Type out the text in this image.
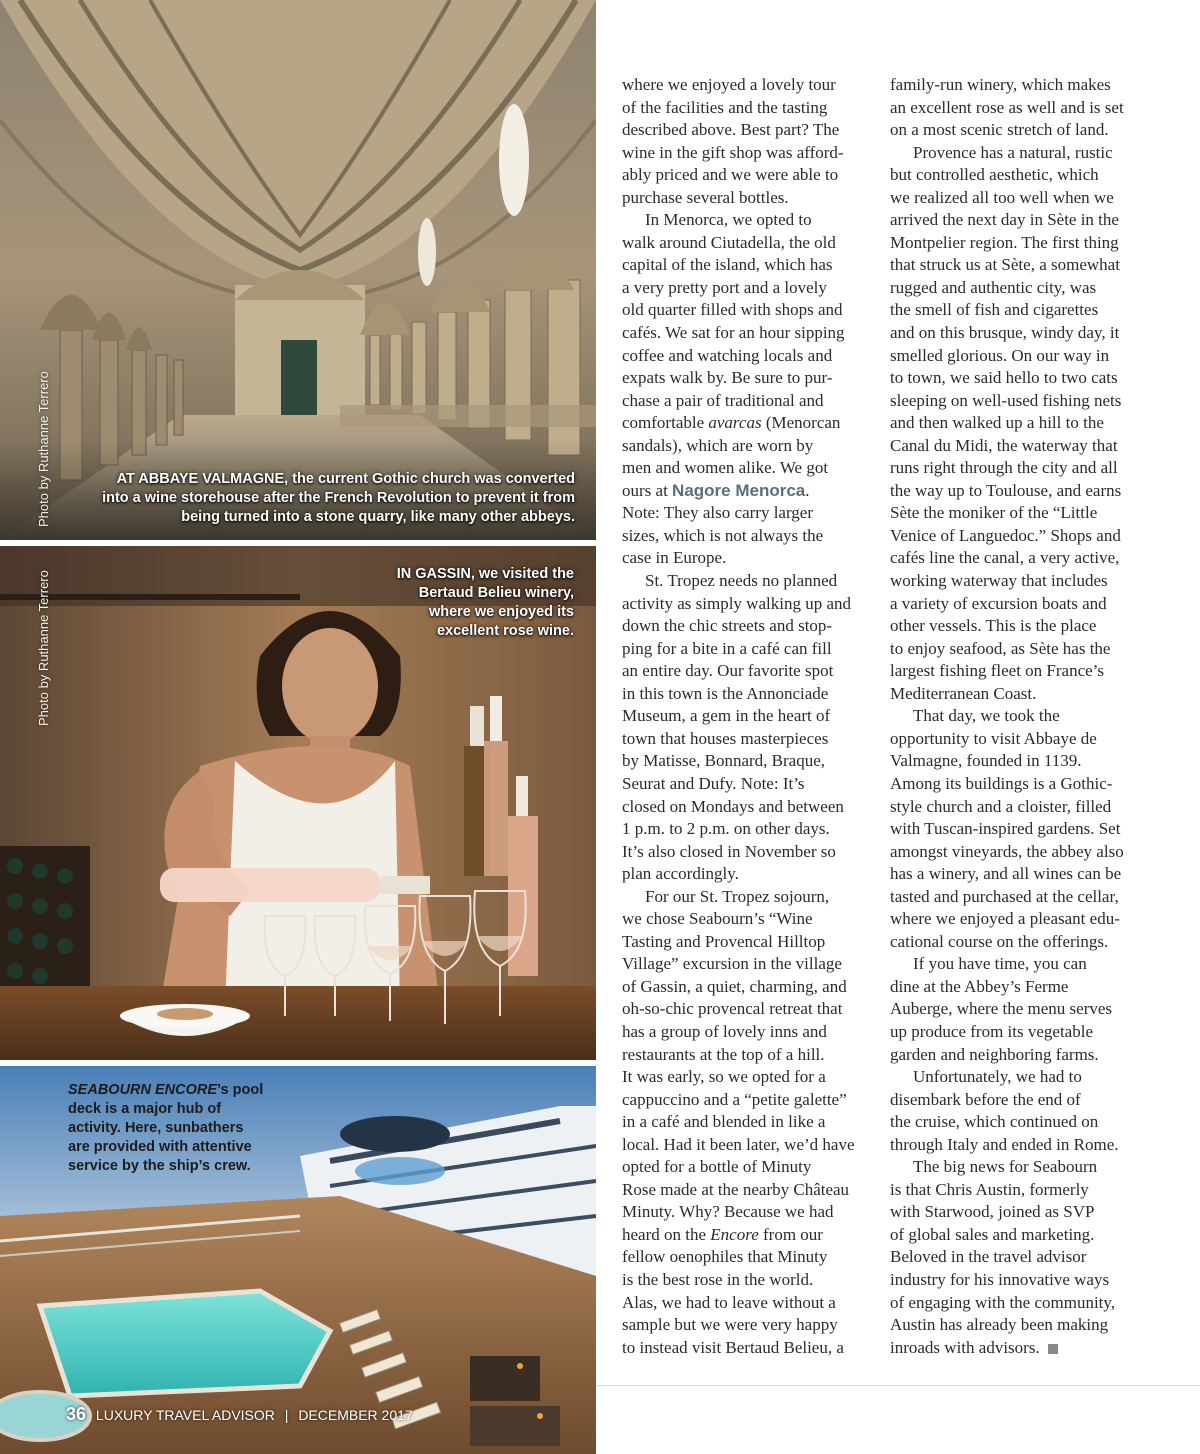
Photo by Ruthanne Terrero	AT ABBAYE VALMAGNE, the current Gothic church was converted into a wine storehouse after the French Revolution to prevent it from being turned into a stone quarry, like many other abbeys.
Photo by Ruthanne Terrero	IN GASSIN, we visited the Bertaud Belieu winery, where we enjoyed its excellent rose wine.
SEABOURN ENCORE’s pool deck is a major hub of activity. Here, sunbathers are provided with attentive service by the ship’s crew.
where we enjoyed a lovely tour
of the facilities and the tasting
described above. Best part? The
wine in the gift shop was afford-
ably priced and we were able to
purchase several bottles.
In Menorca, we opted to
walk around Ciutadella, the old
capital of the island, which has
a very pretty port and a lovely
old quarter filled with shops and
cafés. We sat for an hour sipping
coffee and watching locals and
expats walk by. Be sure to pur-
chase a pair of traditional and
comfortable avarcas (Menorcan
sandals), which are worn by
men and women alike. We got
ours at Nagore Menorca.
Note: They also carry larger
sizes, which is not always the
case in Europe.
St. Tropez needs no planned
activity as simply walking up and
down the chic streets and stop-
ping for a bite in a café can fill
an entire day. Our favorite spot
in this town is the Annonciade
Museum, a gem in the heart of
town that houses masterpieces
by Matisse, Bonnard, Braque,
Seurat and Dufy. Note: It’s
closed on Mondays and between
1 p.m. to 2 p.m. on other days.
It’s also closed in November so
plan accordingly.
For our St. Tropez sojourn,
we chose Seabourn’s “Wine
Tasting and Provencal Hilltop
Village” excursion in the village
of Gassin, a quiet, charming, and
oh-so-chic provencal retreat that
has a group of lovely inns and
restaurants at the top of a hill.
It was early, so we opted for a
cappuccino and a “petite galette”
in a café and blended in like a
local. Had it been later, we’d have
opted for a bottle of Minuty
Rose made at the nearby Château
Minuty. Why? Because we had
heard on the Encore from our
fellow oenophiles that Minuty
is the best rose in the world.
Alas, we had to leave without a
sample but we were very happy
to instead visit Bertaud Belieu, a
family-run winery, which makes
an excellent rose as well and is set
on a most scenic stretch of land.
Provence has a natural, rustic
but controlled aesthetic, which
we realized all too well when we
arrived the next day in Sète in the
Montpelier region. The first thing
that struck us at Sète, a somewhat
rugged and authentic city, was
the smell of fish and cigarettes
and on this brusque, windy day, it
smelled glorious. On our way in
to town, we said hello to two cats
sleeping on well-used fishing nets
and then walked up a hill to the
Canal du Midi, the waterway that
runs right through the city and all
the way up to Toulouse, and earns
Sète the moniker of the “Little
Venice of Languedoc.” Shops and
cafés line the canal, a very active,
working waterway that includes
a variety of excursion boats and
other vessels. This is the place
to enjoy seafood, as Sète has the
largest fishing fleet on France’s
Mediterranean Coast.
That day, we took the
opportunity to visit Abbaye de
Valmagne, founded in 1139.
Among its buildings is a Gothic-
style church and a cloister, filled
with Tuscan-inspired gardens. Set
amongst vineyards, the abbey also
has a winery, and all wines can be
tasted and purchased at the cellar,
where we enjoyed a pleasant edu-
cational course on the offerings.
If you have time, you can
dine at the Abbey’s Ferme
Auberge, where the menu serves
up produce from its vegetable
garden and neighboring farms.
Unfortunately, we had to
disembark before the end of
the cruise, which continued on
through Italy and ended in Rome.
The big news for Seabourn
is that Chris Austin, formerly
with Starwood, joined as SVP
of global sales and marketing.
Beloved in the travel advisor
industry for his innovative ways
of engaging with the community,
Austin has already been making
inroads with advisors.
36 LUXURY TRAVEL ADVISOR | DECEMBER 2017
